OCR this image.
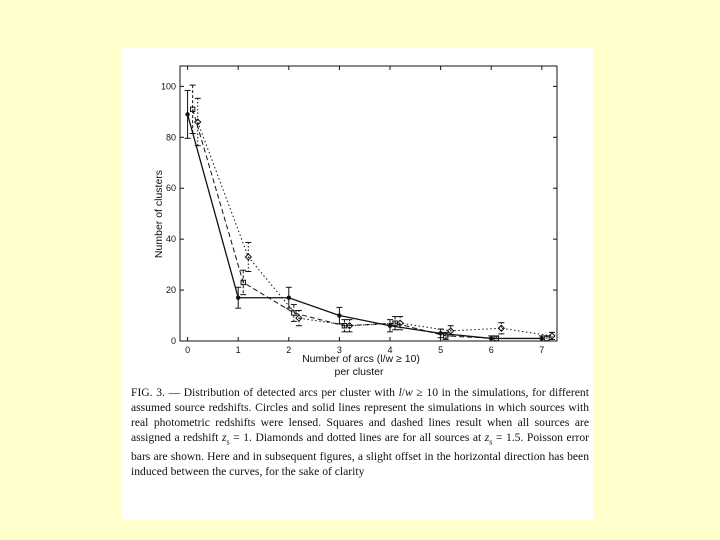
0	1	2	3	4	5	6	7
0
20
40
60
80
100
Number of clusters
Number of arcs (l/w ≥ 10)
per cluster

FIG. 3. — Distribution of detected arcs per cluster with l/w ≥ 10 in the simulations, for different assumed source redshifts. Circles and solid lines represent the simulations in which sources with real photometric redshifts were lensed. Squares and dashed lines result when all sources are assigned a redshift $z_s = 1$. Diamonds and dotted lines are for all sources at $z_s = 1.5$. Poisson error bars are shown. Here and in subsequent figures, a slight offset in the horizontal direction has been induced between the curves, for the sake of clarity
